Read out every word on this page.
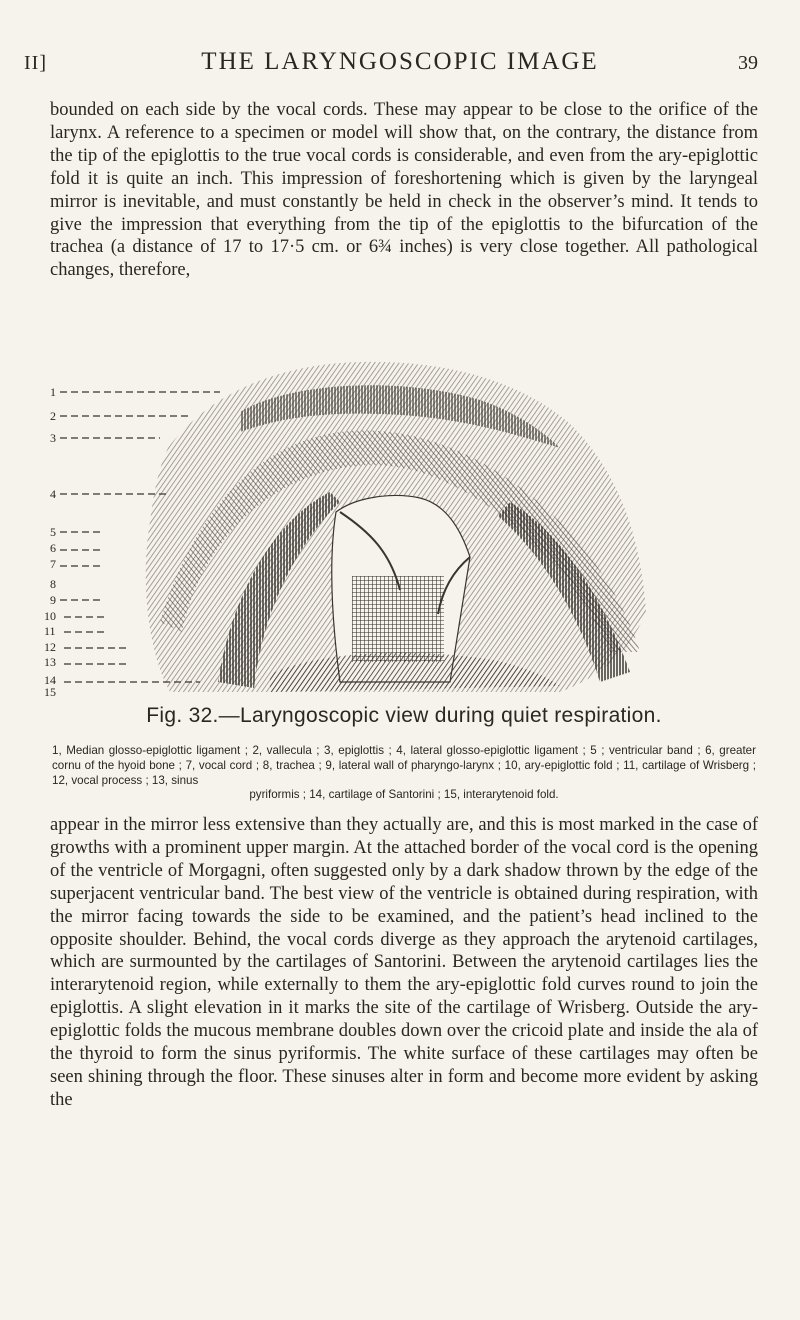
II]	THE LARYNGOSCOPIC IMAGE	39

bounded on each side by the vocal cords. These may appear to be close to the orifice of the larynx. A reference to a specimen or model will show that, on the contrary, the distance from the tip of the epiglottis to the true vocal cords is considerable, and even from the ary-epiglottic fold it is quite an inch. This impression of foreshortening which is given by the laryngeal mirror is inevitable, and must constantly be held in check in the observer’s mind. It tends to give the impression that everything from the tip of the epiglottis to the bifurcation of the trachea (a distance of 17 to 17·5 cm. or 6¾ inches) is very close together. All pathological changes, therefore,

1
2
3
4
5
6
7
8
9
10
11
12
13
14
15
Fig. 32.—Laryngoscopic view during quiet respiration.
1, Median glosso-epiglottic ligament ; 2, vallecula ; 3, epiglottis ; 4, lateral glosso-epiglottic ligament ; 5 ; ventricular band ; 6, greater cornu of the hyoid bone ; 7, vocal cord ; 8, trachea ; 9, lateral wall of pharyngo-larynx ; 10, ary-epiglottic fold ; 11, cartilage of Wrisberg ; 12, vocal process ; 13, sinus
pyriformis ; 14, cartilage of Santorini ; 15, interarytenoid fold.

appear in the mirror less extensive than they actually are, and this is most marked in the case of growths with a prominent upper margin. At the attached border of the vocal cord is the opening of the ventricle of Morgagni, often suggested only by a dark shadow thrown by the edge of the superjacent ventricular band. The best view of the ventricle is obtained during respiration, with the mirror facing towards the side to be examined, and the patient’s head inclined to the opposite shoulder. Behind, the vocal cords diverge as they approach the arytenoid cartilages, which are surmounted by the cartilages of Santorini. Between the arytenoid cartilages lies the interarytenoid region, while externally to them the ary-epiglottic fold curves round to join the epiglottis. A slight elevation in it marks the site of the cartilage of Wrisberg. Outside the ary-epiglottic folds the mucous membrane doubles down over the cricoid plate and inside the ala of the thyroid to form the sinus pyriformis. The white surface of these cartilages may often be seen shining through the floor. These sinuses alter in form and become more evident by asking the
